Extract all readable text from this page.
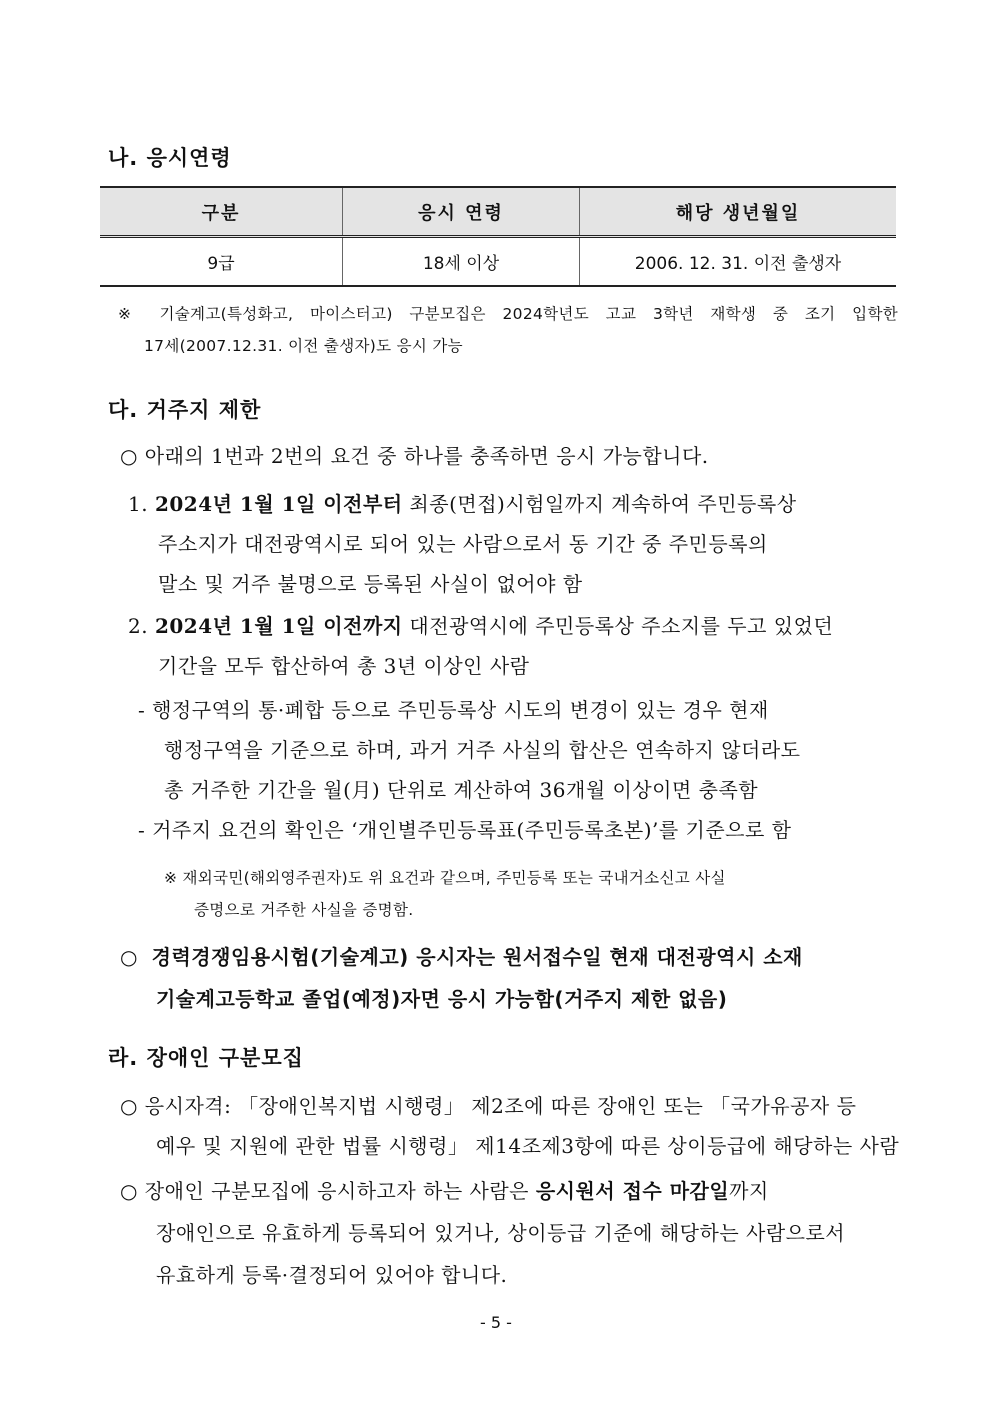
나. 응시연령
구분	응시 연령	해당 생년월일
9급	18세 이상	2006. 12. 31. 이전 출생자
※ 기술계고(특성화고, 마이스터고) 구분모집은 2024학년도 고교 3학년 재학생 중 조기 입학한
17세(2007.12.31. 이전 출생자)도 응시 가능
다. 거주지 제한
○ 아래의 1번과 2번의 요건 중 하나를 충족하면 응시 가능합니다.
1. 2024년 1월 1일 이전부터 최종(면접)시험일까지 계속하여 주민등록상
주소지가 대전광역시로 되어 있는 사람으로서 동 기간 중 주민등록의
말소 및 거주 불명으로 등록된 사실이 없어야 함
2. 2024년 1월 1일 이전까지 대전광역시에 주민등록상 주소지를 두고 있었던
기간을 모두 합산하여 총 3년 이상인 사람
- 행정구역의 통·폐합 등으로 주민등록상 시도의 변경이 있는 경우 현재
행정구역을 기준으로 하며, 과거 거주 사실의 합산은 연속하지 않더라도
총 거주한 기간을 월(月) 단위로 계산하여 36개월 이상이면 충족함
- 거주지 요건의 확인은 ‘개인별주민등록표(주민등록초본)’를 기준으로 함
※ 재외국민(해외영주권자)도 위 요건과 같으며, 주민등록 또는 국내거소신고 사실
증명으로 거주한 사실을 증명함.
○ 경력경쟁임용시험(기술계고) 응시자는 원서접수일 현재 대전광역시 소재
기술계고등학교 졸업(예정)자면 응시 가능함(거주지 제한 없음)
라. 장애인 구분모집
○ 응시자격: 「장애인복지법 시행령」 제2조에 따른 장애인 또는 「국가유공자 등
예우 및 지원에 관한 법률 시행령」 제14조제3항에 따른 상이등급에 해당하는 사람
○ 장애인 구분모집에 응시하고자 하는 사람은 응시원서 접수 마감일까지
장애인으로 유효하게 등록되어 있거나, 상이등급 기준에 해당하는 사람으로서
유효하게 등록·결정되어 있어야 합니다.
- 5 -
